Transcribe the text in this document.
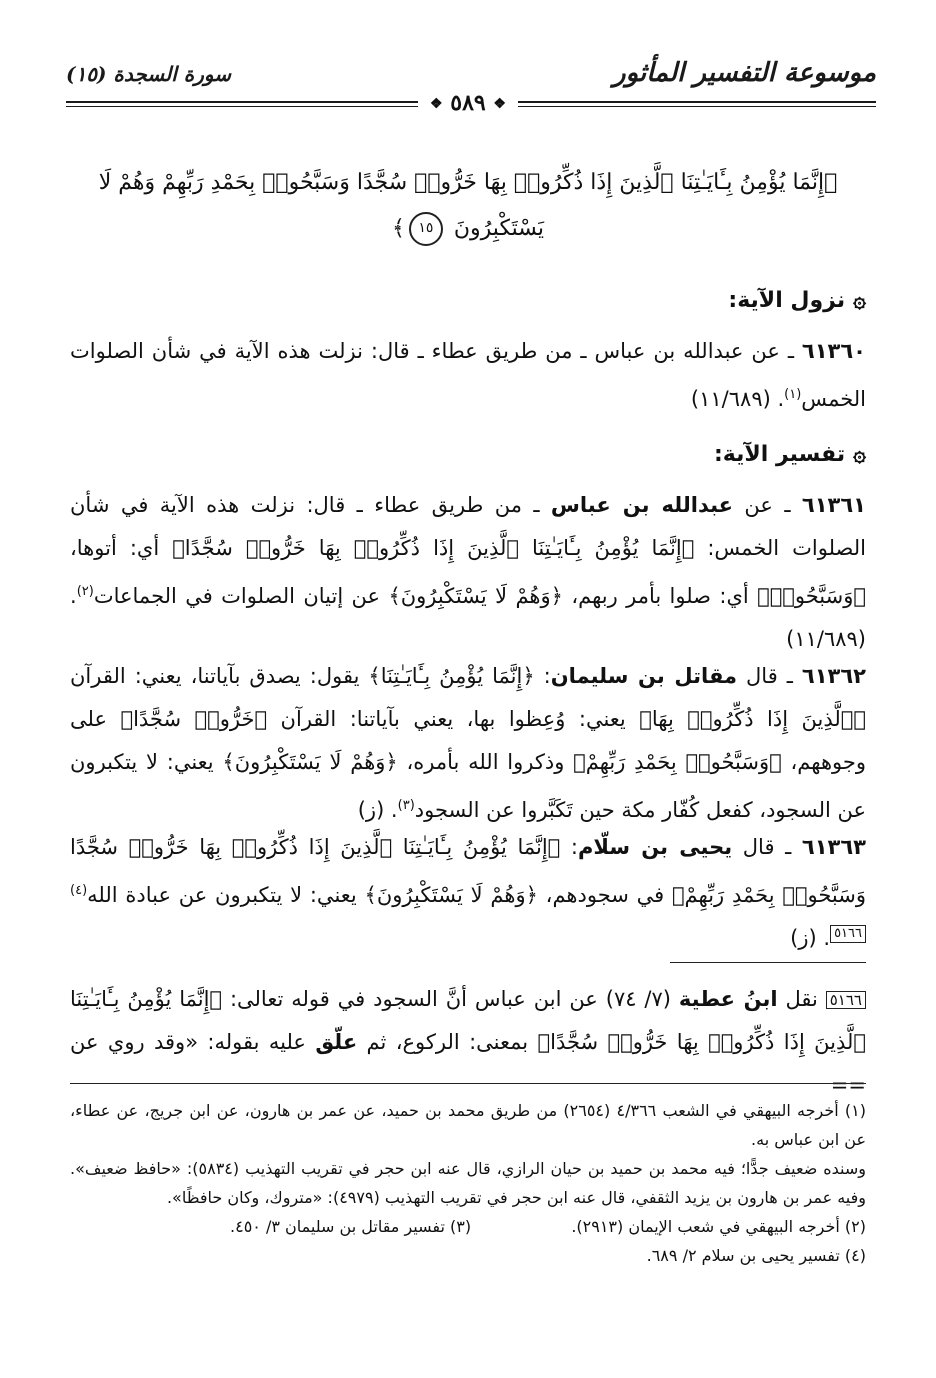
موسوعة التفسير المأثور
سورة السجدة (١٥)
❖ ٥٨٩ ❖
﴿إِنَّمَا يُؤْمِنُ بِـَٔايَـٰتِنَا ٱلَّذِينَ إِذَا ذُكِّرُوا۟ بِهَا خَرُّوا۟ سُجَّدًا وَسَبَّحُوا۟ بِحَمْدِ رَبِّهِمْ وَهُمْ لَا يَسْتَكْبِرُونَ ١٥﴾
۞نزول الآية:
٦١٣٦٠ ـ عن عبدالله بن عباس ـ من طريق عطاء ـ قال: نزلت هذه الآية في شأن الصلوات الخمس$^{(١)}$. (١١/٦٨٩)
۞تفسير الآية:
٦١٣٦١ ـ عن عبدالله بن عباس ـ من طريق عطاء ـ قال: نزلت هذه الآية في شأن الصلوات الخمس: ﴿إِنَّمَا يُؤْمِنُ بِـَٔايَـٰتِنَا ٱلَّذِينَ إِذَا ذُكِّرُوا۟ بِهَا خَرُّوا۟ سُجَّدًا﴾ أي: أتوها، ﴿وَسَبَّحُوا۟﴾ أي: صلوا بأمر ربهم، ﴿وَهُمْ لَا يَسْتَكْبِرُونَ﴾ عن إتيان الصلوات في الجماعات$^{(٢)}$. (١١/٦٨٩)
٦١٣٦٢ ـ قال مقاتل بن سليمان: ﴿إِنَّمَا يُؤْمِنُ بِـَٔايَـٰتِنَا﴾ يقول: يصدق بآياتنا، يعني: القرآن ﴿ٱلَّذِينَ إِذَا ذُكِّرُوا۟ بِهَا﴾ يعني: وُعِظوا بها، يعني بآياتنا: القرآن ﴿خَرُّوا۟ سُجَّدًا﴾ على وجوههم، ﴿وَسَبَّحُوا۟ بِحَمْدِ رَبِّهِمْ﴾ وذكروا الله بأمره، ﴿وَهُمْ لَا يَسْتَكْبِرُونَ﴾ يعني: لا يتكبرون عن السجود، كفعل كُفّار مكة حين تَكَبَّروا عن السجود$^{(٣)}$. (ز)
٦١٣٦٣ ـ قال يحيى بن سلّام: ﴿إِنَّمَا يُؤْمِنُ بِـَٔايَـٰتِنَا ٱلَّذِينَ إِذَا ذُكِّرُوا۟ بِهَا خَرُّوا۟ سُجَّدًا وَسَبَّحُوا۟ بِحَمْدِ رَبِّهِمْ﴾ في سجودهم، ﴿وَهُمْ لَا يَسْتَكْبِرُونَ﴾ يعني: لا يتكبرون عن عبادة الله$^{(٤)}$٥١٦٦. (ز)
٥١٦٦ نقل ابنُ عطية (٧/ ٧٤) عن ابن عباس أنَّ السجود في قوله تعالى: ﴿إِنَّمَا يُؤْمِنُ بِـَٔايَـٰتِنَا ٱلَّذِينَ إِذَا ذُكِّرُوا۟ بِهَا خَرُّوا۟ سُجَّدًا﴾ بمعنى: الركوع، ثم علّق عليه بقوله: «وقد روي عن ==
(١) أخرجه البيهقي في الشعب ٤/٣٦٦ (٢٦٥٤) من طريق محمد بن حميد، عن عمر بن هارون، عن ابن جريج، عن عطاء، عن ابن عباس به.
وسنده ضعيف جدًّا؛ فيه محمد بن حميد بن حيان الرازي، قال عنه ابن حجر في تقريب التهذيب (٥٨٣٤): «حافظ ضعيف». وفيه عمر بن هارون بن يزيد الثقفي، قال عنه ابن حجر في تقريب التهذيب (٤٩٧٩): «متروك، وكان حافظًا».
(٢) أخرجه البيهقي في شعب الإيمان (٢٩١٣).
(٣) تفسير مقاتل بن سليمان ٣/ ٤٥٠.
(٤) تفسير يحيى بن سلام ٢/ ٦٨٩.
